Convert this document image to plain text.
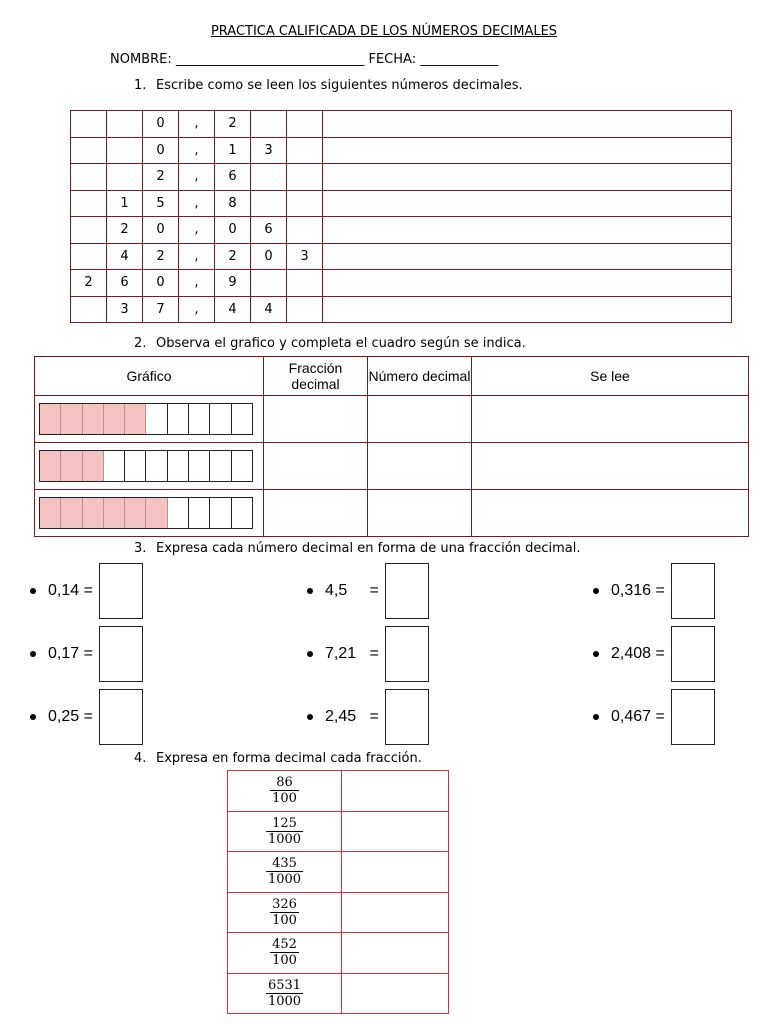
PRACTICA CALIFICADA DE LOS NÚMEROS DECIMALES
NOMBRE: _____________________________ FECHA: ____________
1. Escribe como se leen los siguientes números decimales.
		0	,	2			
		0	,	1	3		
		2	,	6			
	1	5	,	8			
	2	0	,	0	6		
	4	2	,	2	0	3	
2	6	0	,	9			
	3	7	,	4	4		
2. Observa el grafico y completa el cuadro según se indica.
Gráfico	Fracción decimal	Número decimal	Se lee

3. Expresa cada número decimal en forma de una fracción decimal.
0,14 =	4,5     =	0,316 =
0,17 =	7,21   =	2,408 =
0,25 =	2,45   =	0,467 =
4. Expresa en forma decimal cada fracción.
$\frac{86}{100}$

$\frac{125}{1000}$

$\frac{435}{1000}$

$\frac{326}{100}$

$\frac{452}{100}$

$\frac{6531}{1000}$
